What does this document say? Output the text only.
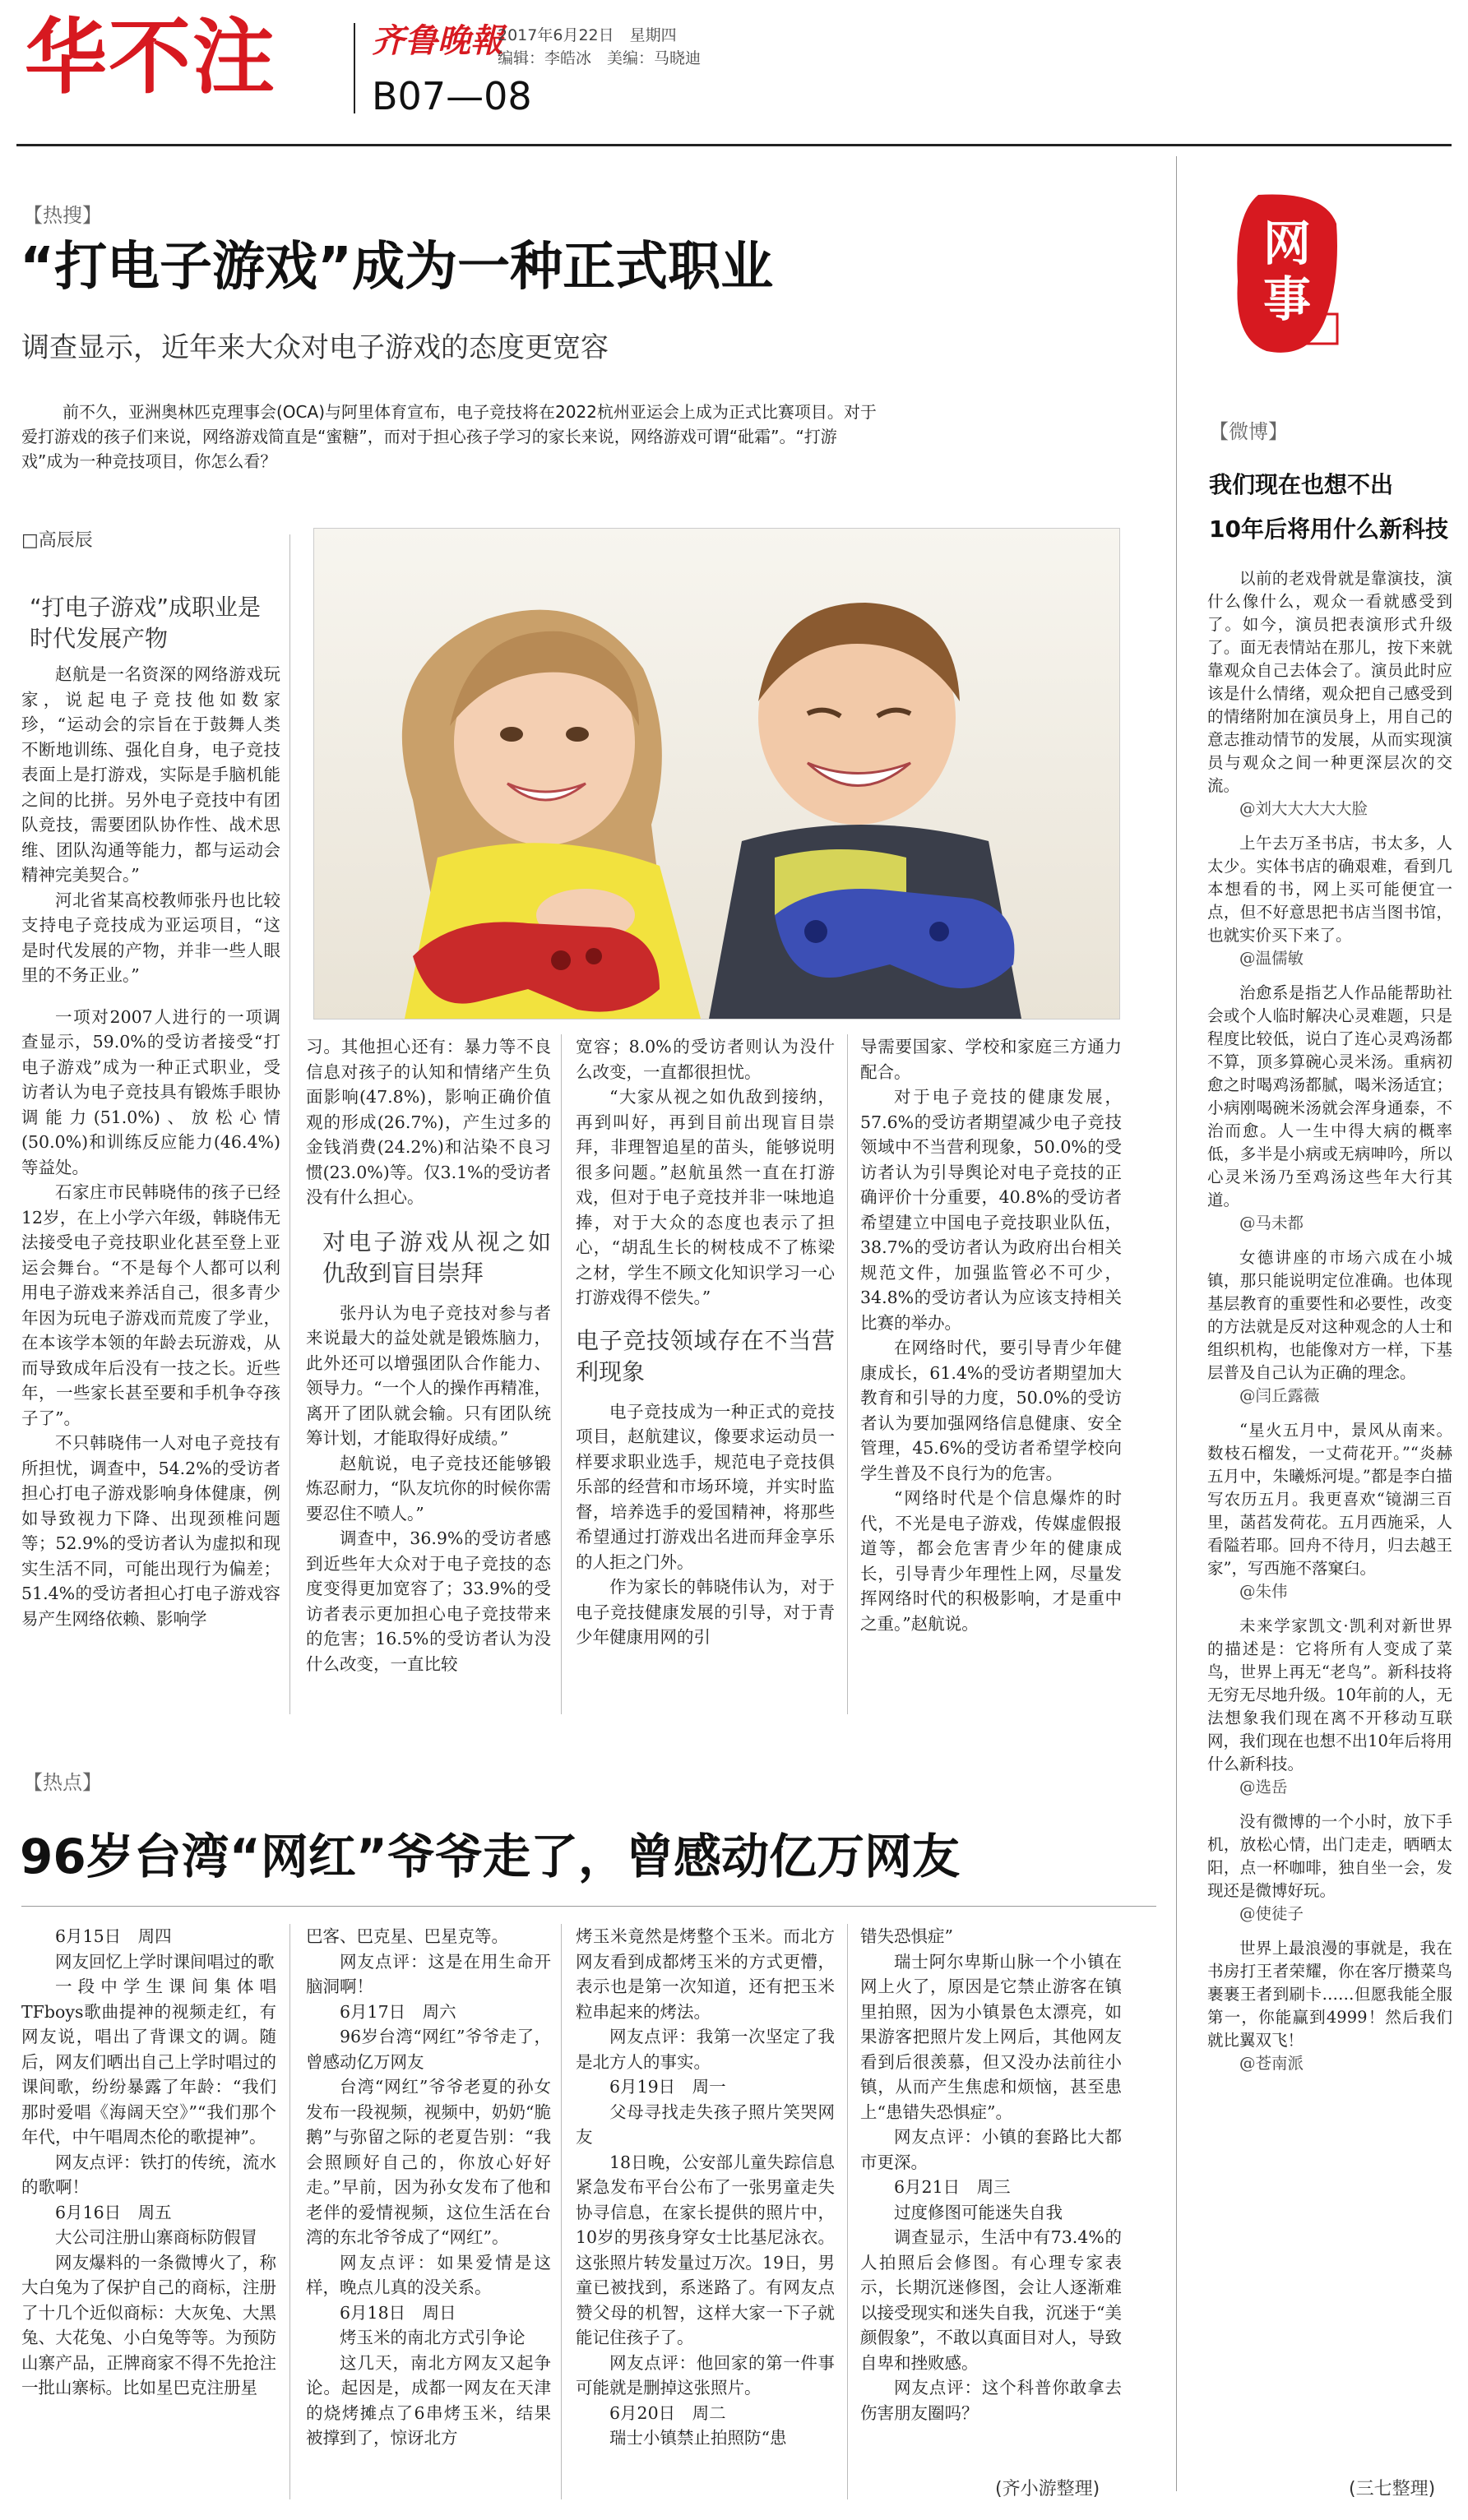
华不注	齐鲁晚報
2017年6月22日　星期四
编辑：李皓冰　美编：马晓迪
B07—08
【热搜】
“打电子游戏”成为一种正式职业
调查显示，近年来大众对电子游戏的态度更宽容
前不久，亚洲奥林匹克理事会(OCA)与阿里体育宣布，电子竞技将在2022杭州亚运会上成为正式比赛项目。对于爱打游戏的孩子们来说，网络游戏简直是“蜜糖”，而对于担心孩子学习的家长来说，网络游戏可谓“砒霜”。“打游戏”成为一种竞技项目，你怎么看？
□高辰辰
“打电子游戏”成职业是时代发展产物

赵航是一名资深的网络游戏玩家，说起电子竞技他如数家珍，“运动会的宗旨在于鼓舞人类不断地训练、强化自身，电子竞技表面上是打游戏，实际是手脑机能之间的比拼。另外电子竞技中有团队竞技，需要团队协作性、战术思维、团队沟通等能力，都与运动会精神完美契合。”

河北省某高校教师张丹也比较支持电子竞技成为亚运项目，“这是时代发展的产物，并非一些人眼里的不务正业。”

一项对2007人进行的一项调查显示，59.0%的受访者接受“打电子游戏”成为一种正式职业，受访者认为电子竞技具有锻炼手眼协调能力(51.0%)、放松心情(50.0%)和训练反应能力(46.4%)等益处。

石家庄市民韩晓伟的孩子已经12岁，在上小学六年级，韩晓伟无法接受电子竞技职业化甚至登上亚运会舞台。“不是每个人都可以利用电子游戏来养活自己，很多青少年因为玩电子游戏而荒废了学业，在本该学本领的年龄去玩游戏，从而导致成年后没有一技之长。近些年，一些家长甚至要和手机争夺孩子了”。

不只韩晓伟一人对电子竞技有所担忧，调查中，54.2%的受访者担心打电子游戏影响身体健康，例如导致视力下降、出现颈椎问题等；52.9%的受访者认为虚拟和现实生活不同，可能出现行为偏差；51.4%的受访者担心打电子游戏容易产生网络依赖、影响学

习。其他担心还有：暴力等不良信息对孩子的认知和情绪产生负面影响(47.8%)，影响正确价值观的形成(26.7%)，产生过多的金钱消费(24.2%)和沾染不良习惯(23.0%)等。仅3.1%的受访者没有什么担心。

对电子游戏从视之如仇敌到盲目崇拜

张丹认为电子竞技对参与者来说最大的益处就是锻炼脑力，此外还可以增强团队合作能力、领导力。“一个人的操作再精准，离开了团队就会输。只有团队统筹计划，才能取得好成绩。”

赵航说，电子竞技还能够锻炼忍耐力，“队友坑你的时候你需要忍住不喷人。”

调查中，36.9%的受访者感到近些年大众对于电子竞技的态度变得更加宽容了；33.9%的受访者表示更加担心电子竞技带来的危害；16.5%的受访者认为没什么改变，一直比较

宽容；8.0%的受访者则认为没什么改变，一直都很担忧。

“大家从视之如仇敌到接纳，再到叫好，再到目前出现盲目崇拜，非理智追星的苗头，能够说明很多问题。”赵航虽然一直在打游戏，但对于电子竞技并非一味地追捧，对于大众的态度也表示了担心，“胡乱生长的树枝成不了栋梁之材，学生不顾文化知识学习一心打游戏得不偿失。”

电子竞技领域存在不当营利现象

电子竞技成为一种正式的竞技项目，赵航建议，像要求运动员一样要求职业选手，规范电子竞技俱乐部的经营和市场环境，并实时监督，培养选手的爱国精神，将那些希望通过打游戏出名进而拜金享乐的人拒之门外。

作为家长的韩晓伟认为，对于电子竞技健康发展的引导，对于青少年健康用网的引

导需要国家、学校和家庭三方通力配合。

对于电子竞技的健康发展，57.6%的受访者期望减少电子竞技领域中不当营利现象，50.0%的受访者认为引导舆论对电子竞技的正确评价十分重要，40.8%的受访者希望建立中国电子竞技职业队伍，38.7%的受访者认为政府出台相关规范文件，加强监管必不可少，34.8%的受访者认为应该支持相关比赛的举办。

在网络时代，要引导青少年健康成长，61.4%的受访者期望加大教育和引导的力度，50.0%的受访者认为要加强网络信息健康、安全管理，45.6%的受访者希望学校向学生普及不良行为的危害。

“网络时代是个信息爆炸的时代，不光是电子游戏，传媒虚假报道等，都会危害青少年的健康成长，引导青少年理性上网，尽量发挥网络时代的积极影响，才是重中之重。”赵航说。

【热点】
96岁台湾“网红”爷爷走了，曾感动亿万网友

6月15日　周四

网友回忆上学时课间唱过的歌

一段中学生课间集体唱TFboys歌曲提神的视频走红，有网友说，唱出了背课文的调。随后，网友们晒出自己上学时唱过的课间歌，纷纷暴露了年龄：“我们那时爱唱《海阔天空》”“我们那个年代，中午唱周杰伦的歌提神”。

网友点评：铁打的传统，流水的歌啊！

6月16日　周五

大公司注册山寨商标防假冒

网友爆料的一条微博火了，称大白兔为了保护自己的商标，注册了十几个近似商标：大灰兔、大黑兔、大花兔、小白兔等等。为预防山寨产品，正牌商家不得不先抢注一批山寨标。比如星巴克注册星

巴客、巴克星、巴星克等。

网友点评：这是在用生命开脑洞啊！

6月17日　周六

96岁台湾“网红”爷爷走了，曾感动亿万网友

台湾“网红”爷爷老夏的孙女发布一段视频，视频中，奶奶“脆鹅”与弥留之际的老夏告别：“我会照顾好自己的，你放心好好走。”早前，因为孙女发布了他和老伴的爱情视频，这位生活在台湾的东北爷爷成了“网红”。

网友点评：如果爱情是这样，晚点儿真的没关系。

6月18日　周日

烤玉米的南北方式引争论

这几天，南北方网友又起争论。起因是，成都一网友在天津的烧烤摊点了6串烤玉米，结果被撑到了，惊讶北方

烤玉米竟然是烤整个玉米。而北方网友看到成都烤玉米的方式更懵，表示也是第一次知道，还有把玉米粒串起来的烤法。

网友点评：我第一次坚定了我是北方人的事实。

6月19日　周一

父母寻找走失孩子照片笑哭网友

18日晚，公安部儿童失踪信息紧急发布平台公布了一张男童走失协寻信息，在家长提供的照片中，10岁的男孩身穿女士比基尼泳衣。这张照片转发量过万次。19日，男童已被找到，系迷路了。有网友点赞父母的机智，这样大家一下子就能记住孩子了。

网友点评：他回家的第一件事可能就是删掉这张照片。

6月20日　周二

瑞士小镇禁止拍照防“患

错失恐惧症”

瑞士阿尔卑斯山脉一个小镇在网上火了，原因是它禁止游客在镇里拍照，因为小镇景色太漂亮，如果游客把照片发上网后，其他网友看到后很羡慕，但又没办法前往小镇，从而产生焦虑和烦恼，甚至患上“患错失恐惧症”。

网友点评：小镇的套路比大都市更深。

6月21日　周三

过度修图可能迷失自我

调查显示，生活中有73.4%的人拍照后会修图。有心理专家表示，长期沉迷修图，会让人逐渐难以接受现实和迷失自我，沉迷于“美颜假象”，不敢以真面目对人，导致自卑和挫败感。

网友点评：这个科普你敢拿去伤害朋友圈吗？

(齐小游整理)
网事
【微博】
我们现在也想不出
10年后将用什么新科技

以前的老戏骨就是靠演技，演什么像什么，观众一看就感受到了。如今，演员把表演形式升级了。面无表情站在那儿，按下来就靠观众自己去体会了。演员此时应该是什么情绪，观众把自己感受到的情绪附加在演员身上，用自己的意志推动情节的发展，从而实现演员与观众之间一种更深层次的交流。

@刘大大大大大脸

上午去万圣书店，书太多，人太少。实体书店的确艰难，看到几本想看的书，网上买可能便宜一点，但不好意思把书店当图书馆，也就实价买下来了。

@温儒敏

治愈系是指艺人作品能帮助社会或个人临时解决心灵难题，只是程度比较低，说白了连心灵鸡汤都不算，顶多算碗心灵米汤。重病初愈之时喝鸡汤都腻，喝米汤适宜；小病刚喝碗米汤就会浑身通泰，不治而愈。人一生中得大病的概率低，多半是小病或无病呻吟，所以心灵米汤乃至鸡汤这些年大行其道。

@马未都

女德讲座的市场六成在小城镇，那只能说明定位准确。也体现基层教育的重要性和必要性，改变的方法就是反对这种观念的人士和组织机构，也能像对方一样，下基层普及自己认为正确的理念。

@闫丘露薇

“星火五月中，景风从南来。数枝石榴发，一丈荷花开。”“炎赫五月中，朱曦烁河堤。”都是李白描写农历五月。我更喜欢“镜湖三百里，菡萏发荷花。五月西施采，人看隘若耶。回舟不待月，归去越王家”，写西施不落窠臼。

@朱伟

未来学家凯文·凯利对新世界的描述是：它将所有人变成了菜鸟，世界上再无“老鸟”。新科技将无穷无尽地升级。10年前的人，无法想象我们现在离不开移动互联网，我们现在也想不出10年后将用什么新科技。

@选岳

没有微博的一个小时，放下手机，放松心情，出门走走，晒晒太阳，点一杯咖啡，独自坐一会，发现还是微博好玩。

@使徒子

世界上最浪漫的事就是，我在书房打王者荣耀，你在客厅攒菜鸟裹裹王者到刷卡……但愿我能全服第一，你能赢到4999！然后我们就比翼双飞！

@苍南派

(三七整理)
